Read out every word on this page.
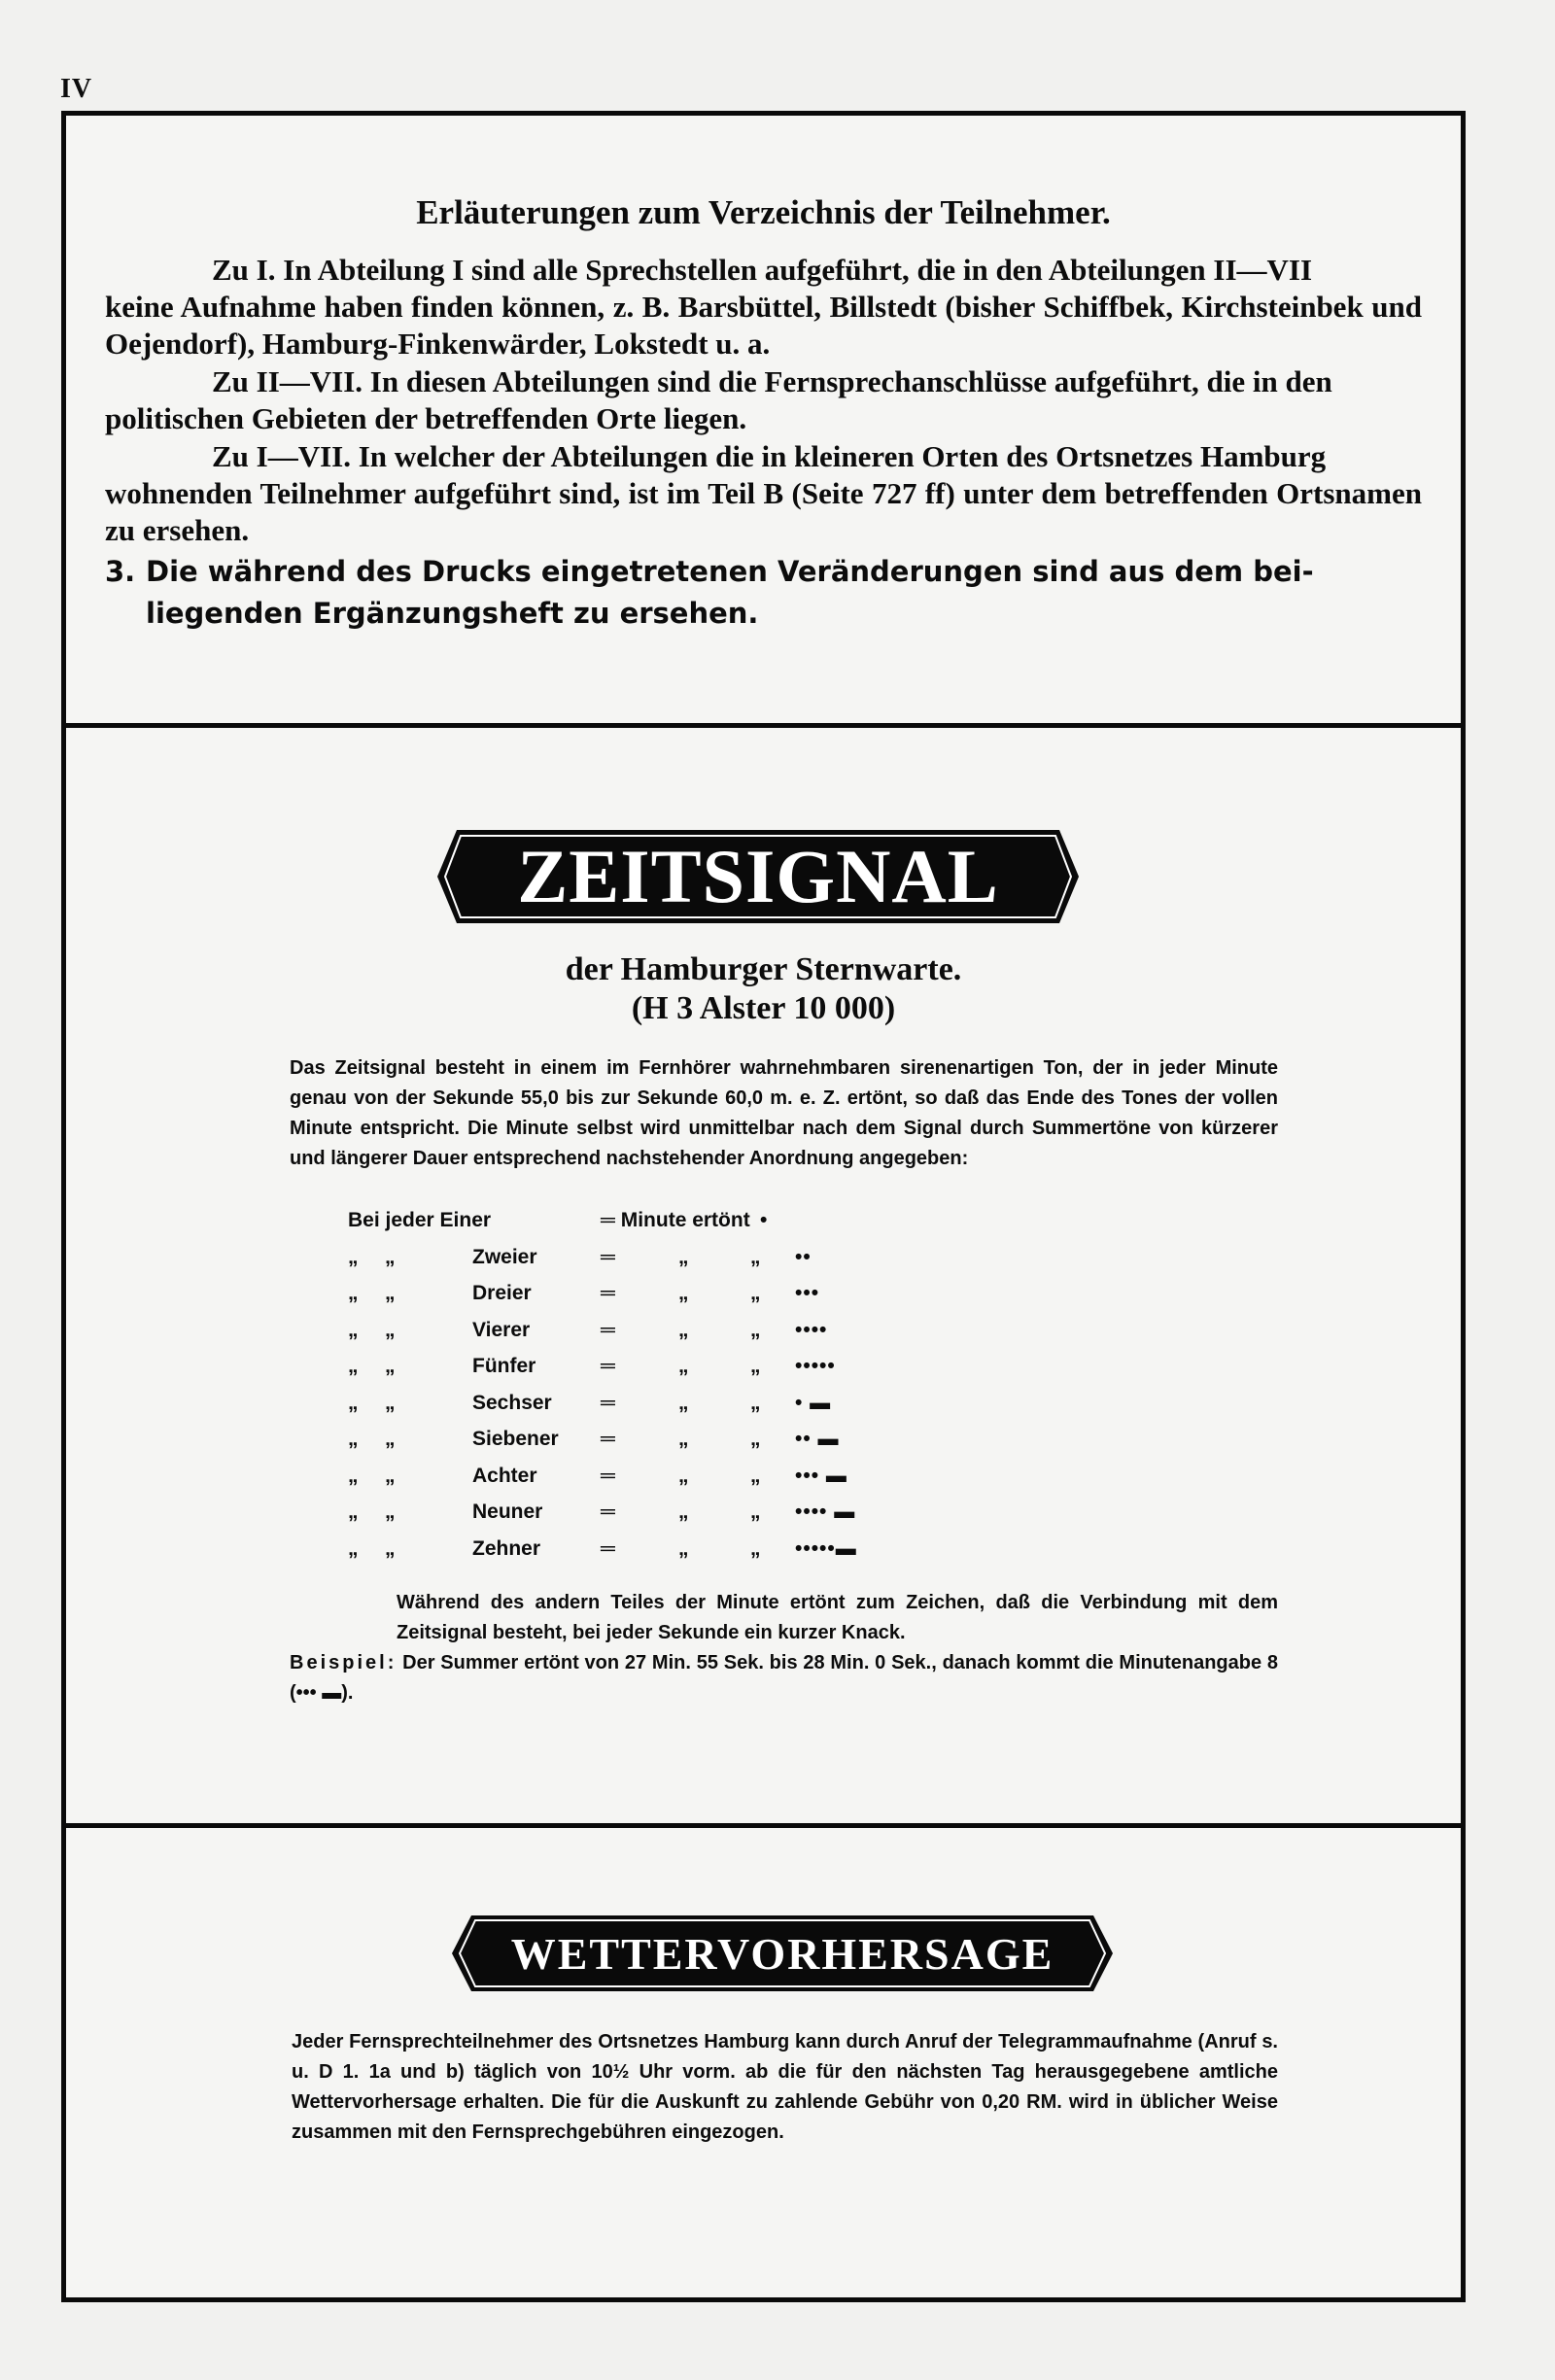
IV
Erläuterungen zum Verzeichnis der Teilnehmer.
Zu I. In Abteilung I sind alle Sprechstellen aufgeführt, die in den Abteilungen II—VII
keine Aufnahme haben finden können, z. B. Barsbüttel, Billstedt (bisher Schiffbek, Kirchsteinbek und Oejendorf), Hamburg-Finkenwärder, Lokstedt u. a.
Zu II—VII. In diesen Abteilungen sind die Fernsprechanschlüsse aufgeführt, die in den
politischen Gebieten der betreffenden Orte liegen.
Zu I—VII. In welcher der Abteilungen die in kleineren Orten des Ortsnetzes Hamburg
wohnenden Teilnehmer aufgeführt sind, ist im Teil B (Seite 727 ff) unter dem betreffenden Ortsnamen zu ersehen.
3. Die während des Drucks eingetretenen Veränderungen sind aus dem bei-
liegenden Ergänzungsheft zu ersehen.
ZEITSIGNAL
der Hamburger Sternwarte.
(H 3 Alster 10 000)
Das Zeitsignal besteht in einem im Fernhörer wahrnehmbaren sirenenartigen Ton, der in jeder Minute genau von der Sekunde 55,0 bis zur Sekunde 60,0 m. e. Z. ertönt, so daß das Ende des Tones der vollen Minute entspricht. Die Minute selbst wird unmittelbar nach dem Signal durch Summertöne von kürzerer und längerer Dauer entsprechend nachstehender Anordnung angegeben:
Bei jeder Einer	═ Minute ertönt •
„ „	Zweier	═	„	„ ••
„ „	Dreier	═	„	„ •••
„ „	Vierer	═	„	„ ••••
„ „	Fünfer	═	„	„ •••••
„ „	Sechser ═	„	„ • ▬
„ „	Siebener ═	„	„ •• ▬
„ „	Achter	═	„	„ ••• ▬
„ „	Neuner	═	„	„ •••• ▬
„ „	Zehner	═	„	„ •••••▬
Während des andern Teiles der Minute ertönt zum Zeichen, daß die Verbindung mit dem Zeitsignal besteht, bei jeder Sekunde ein kurzer Knack.
Beispiel: Der Summer ertönt von 27 Min. 55 Sek. bis 28 Min. 0 Sek., danach kommt die Minutenangabe 8 (••• ▬).
WETTERVORHERSAGE
Jeder Fernsprechteilnehmer des Ortsnetzes Hamburg kann durch Anruf der Telegrammaufnahme (Anruf s. u. D 1. 1a und b) täglich von 10½ Uhr vorm. ab die für den nächsten Tag herausgegebene amtliche Wettervorhersage erhalten. Die für die Auskunft zu zahlende Gebühr von 0,20 RM. wird in üblicher Weise zusammen mit den Fernsprechgebühren eingezogen.
